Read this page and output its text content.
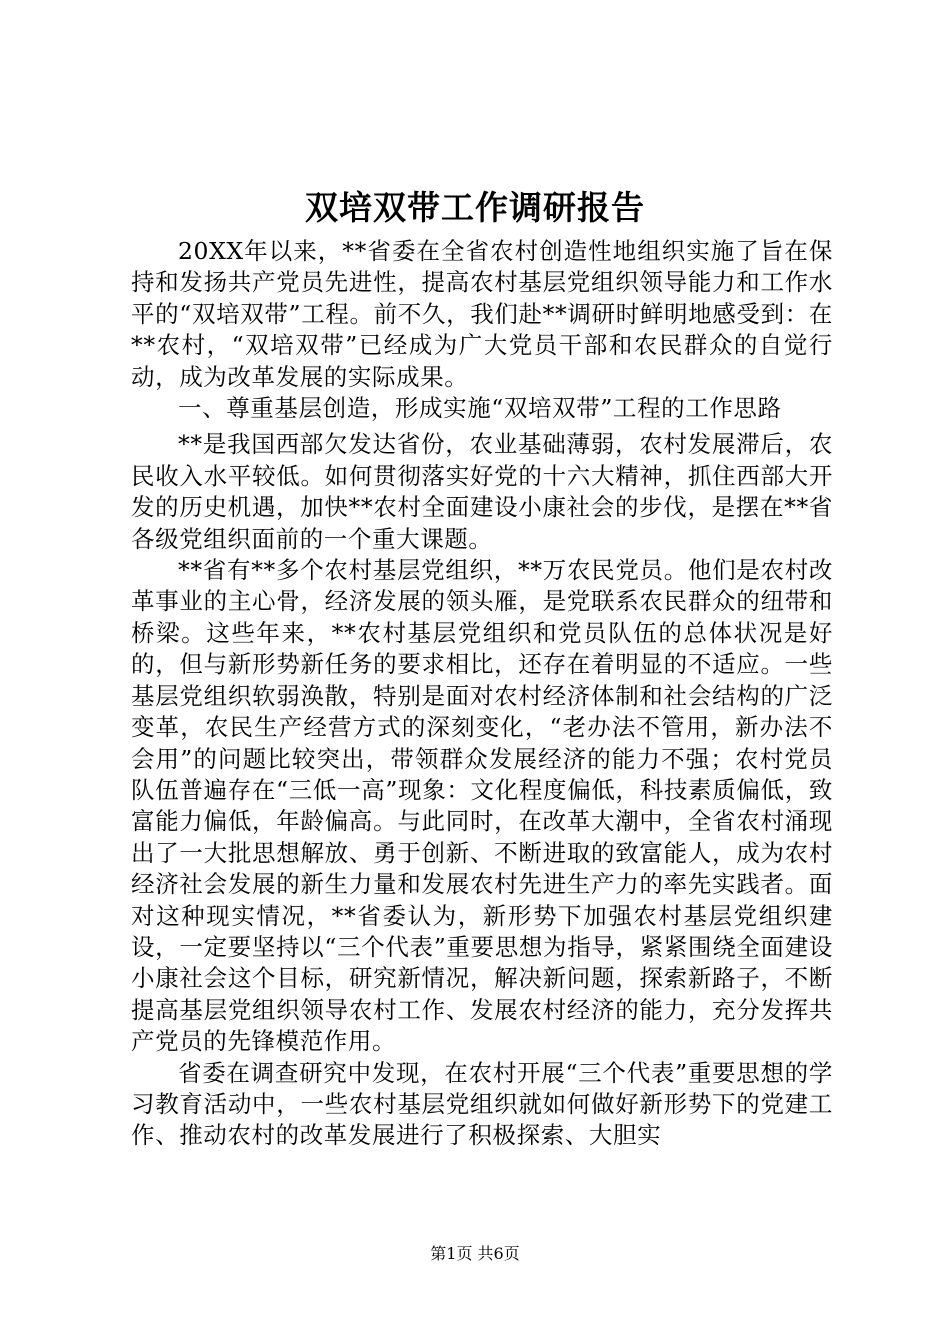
双培双带工作调研报告

20XX年以来，**省委在全省农村创造性地组织实施了旨在保持和发扬共产党员先进性，提高农村基层党组织领导能力和工作水平的“双培双带”工程。前不久，我们赴**调研时鲜明地感受到：在**农村，“双培双带”已经成为广大党员干部和农民群众的自觉行动，成为改革发展的实际成果。

一、尊重基层创造，形成实施“双培双带”工程的工作思路

**是我国西部欠发达省份，农业基础薄弱，农村发展滞后，农民收入水平较低。如何贯彻落实好党的十六大精神，抓住西部大开发的历史机遇，加快**农村全面建设小康社会的步伐，是摆在**省各级党组织面前的一个重大课题。

**省有**多个农村基层党组织，**万农民党员。他们是农村改革事业的主心骨，经济发展的领头雁，是党联系农民群众的纽带和桥梁。这些年来，**农村基层党组织和党员队伍的总体状况是好的，但与新形势新任务的要求相比，还存在着明显的不适应。一些基层党组织软弱涣散，特别是面对农村经济体制和社会结构的广泛变革，农民生产经营方式的深刻变化，“老办法不管用，新办法不会用”的问题比较突出，带领群众发展经济的能力不强；农村党员队伍普遍存在“三低一高”现象：文化程度偏低，科技素质偏低，致富能力偏低，年龄偏高。与此同时，在改革大潮中，全省农村涌现出了一大批思想解放、勇于创新、不断进取的致富能人，成为农村经济社会发展的新生力量和发展农村先进生产力的率先实践者。面对这种现实情况，**省委认为，新形势下加强农村基层党组织建设，一定要坚持以“三个代表”重要思想为指导，紧紧围绕全面建设小康社会这个目标，研究新情况，解决新问题，探索新路子，不断提高基层党组织领导农村工作、发展农村经济的能力，充分发挥共产党员的先锋模范作用。

省委在调查研究中发现，在农村开展“三个代表”重要思想的学习教育活动中，一些农村基层党组织就如何做好新形势下的党建工作、推动农村的改革发展进行了积极探索、大胆实

第1页 共6页
